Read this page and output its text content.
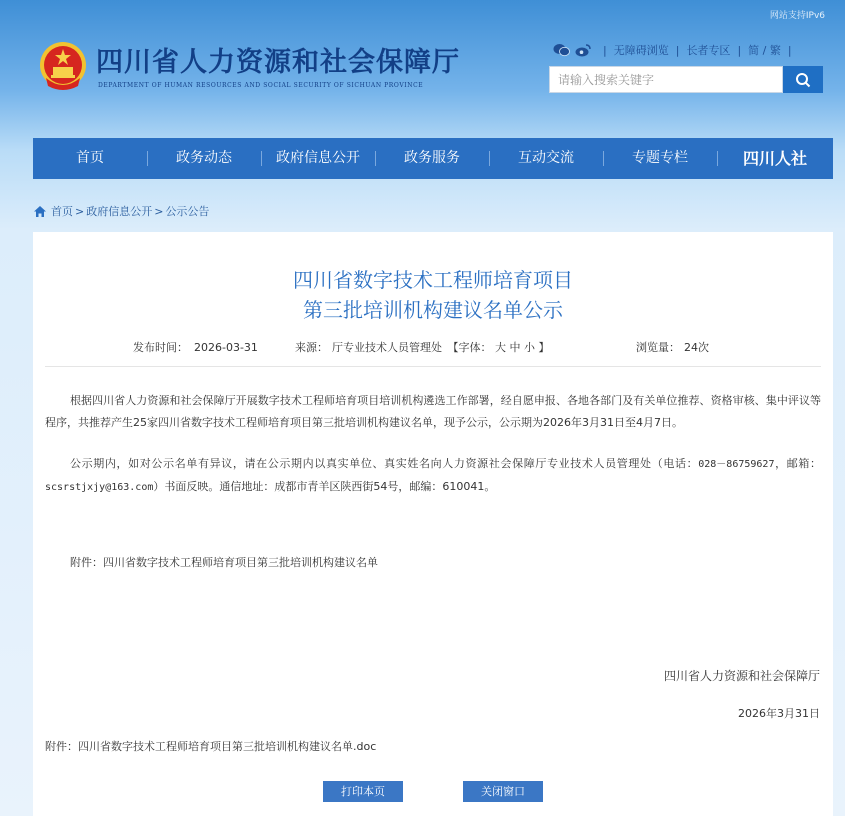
网站支持IPv6
四川省人力资源和社会保障厅
DEPARTMENT OF HUMAN RESOURCES AND SOCIAL SECURITY OF SICHUAN PROVINCE
| 无障碍浏览 | 长者专区 | 简 / 繁 |
请输入搜索关键字
首页	政务动态	政府信息公开	政务服务	互动交流	专题专栏	四川人社
首页 > 政府信息公开 > 公示公告
四川省数字技术工程师培育项目
第三批培训机构建议名单公示
发布时间： 2026-03-31	来源： 厅专业技术人员管理处 【字体： 大 中 小 】	浏览量： 24次

根据四川省人力资源和社会保障厅开展数字技术工程师培育项目培训机构遴选工作部署，经自愿申报、各地各部门及有关单位推荐、资格审核、集中评议等程序，共推荐产生25家四川省数字技术工程师培育项目第三批培训机构建议名单，现予公示，公示期为2026年3月31日至4月7日。

公示期内，如对公示名单有异议，请在公示期内以真实单位、真实姓名向人力资源社会保障厅专业技术人员管理处（电话：028－86759627，邮箱：scsrstjxjy@163.com）书面反映。通信地址：成都市青羊区陕西街54号，邮编：610041。

附件：四川省数字技术工程师培育项目第三批培训机构建议名单

四川省人力资源和社会保障厅
2026年3月31日
附件：四川省数字技术工程师培育项目第三批培训机构建议名单.doc
打印本页	关闭窗口
